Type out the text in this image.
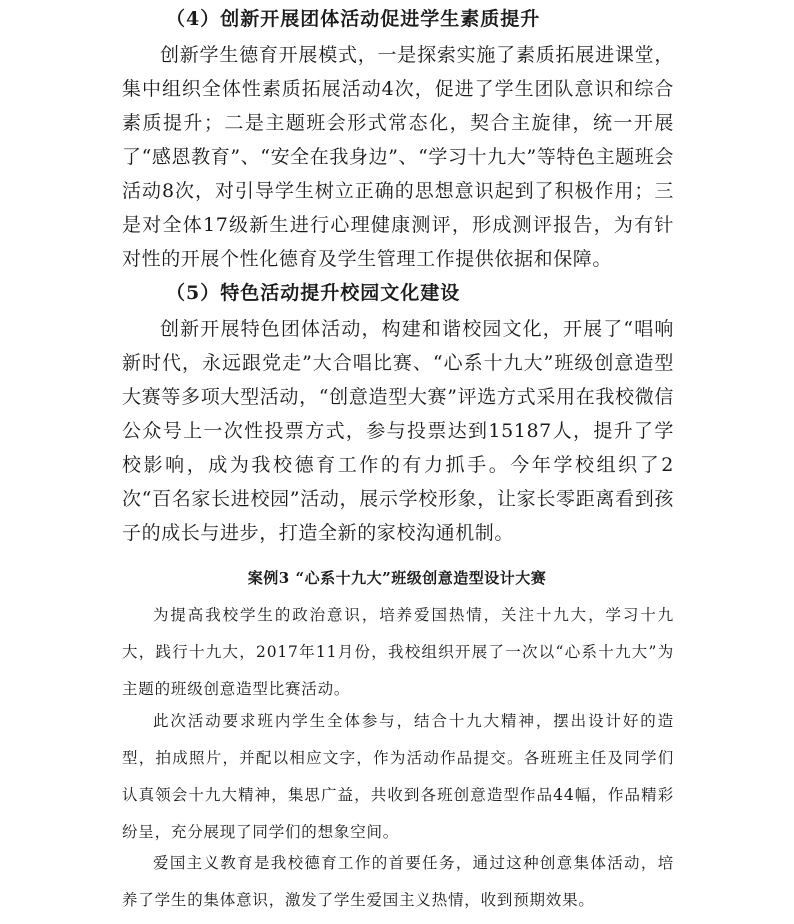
（4）创新开展团体活动促进学生素质提升

创新学生德育开展模式，一是探索实施了素质拓展进课堂，集中组织全体性素质拓展活动4次，促进了学生团队意识和综合素质提升；二是主题班会形式常态化，契合主旋律，统一开展了“感恩教育”、“安全在我身边”、“学习十九大”等特色主题班会活动8次，对引导学生树立正确的思想意识起到了积极作用；三是对全体17级新生进行心理健康测评，形成测评报告，为有针对性的开展个性化德育及学生管理工作提供依据和保障。

（5）特色活动提升校园文化建设

创新开展特色团体活动，构建和谐校园文化，开展了“唱响新时代，永远跟党走”大合唱比赛、“心系十九大”班级创意造型大赛等多项大型活动，“创意造型大赛”评选方式采用在我校微信公众号上一次性投票方式，参与投票达到15187人，提升了学校影响，成为我校德育工作的有力抓手。今年学校组织了2次“百名家长进校园”活动，展示学校形象，让家长零距离看到孩子的成长与进步，打造全新的家校沟通机制。

案例3 “心系十九大”班级创意造型设计大赛

为提高我校学生的政治意识，培养爱国热情，关注十九大，学习十九大，践行十九大，2017年11月份，我校组织开展了一次以“心系十九大”为主题的班级创意造型比赛活动。

此次活动要求班内学生全体参与，结合十九大精神，摆出设计好的造型，拍成照片，并配以相应文字，作为活动作品提交。各班班主任及同学们认真领会十九大精神，集思广益，共收到各班创意造型作品44幅，作品精彩纷呈，充分展现了同学们的想象空间。

爱国主义教育是我校德育工作的首要任务，通过这种创意集体活动，培养了学生的集体意识，激发了学生爱国主义热情，收到预期效果。
